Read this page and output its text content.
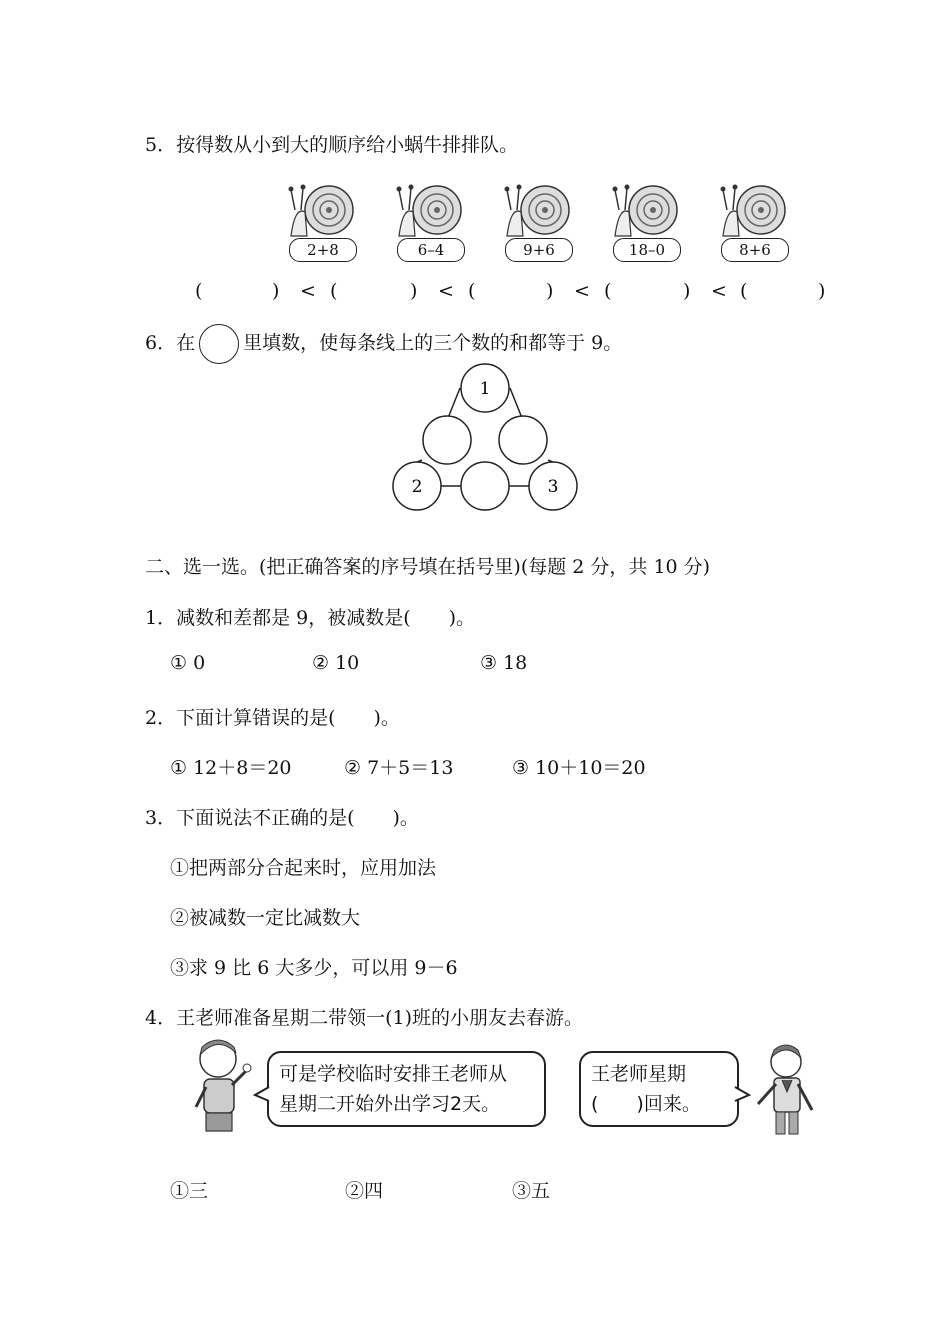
5．按得数从小到大的顺序给小蜗牛排排队。
2+8	6–4	9+6	18–0	8+6
(	) < (	) < (	) < (	) < (	)
6．在	里填数，使每条线上的三个数的和都等于 9。
1
2	3
二、选一选。(把正确答案的序号填在括号里)(每题 2 分，共 10 分)
1．减数和差都是 9，被减数是(　　)。
① 0	② 10	③ 18
2．下面计算错误的是(　　)。
① 12＋8＝20	② 7＋5＝13	③ 10＋10＝20
3．下面说法不正确的是(　　)。
①把两部分合起来时，应用加法
②被减数一定比减数大
③求 9 比 6 大多少，可以用 9－6
4．王老师准备星期二带领一(1)班的小朋友去春游。
可是学校临时安排王老师从
星期二开始外出学习2天。
王老师星期
(　　)回来。
①三	②四	③五
